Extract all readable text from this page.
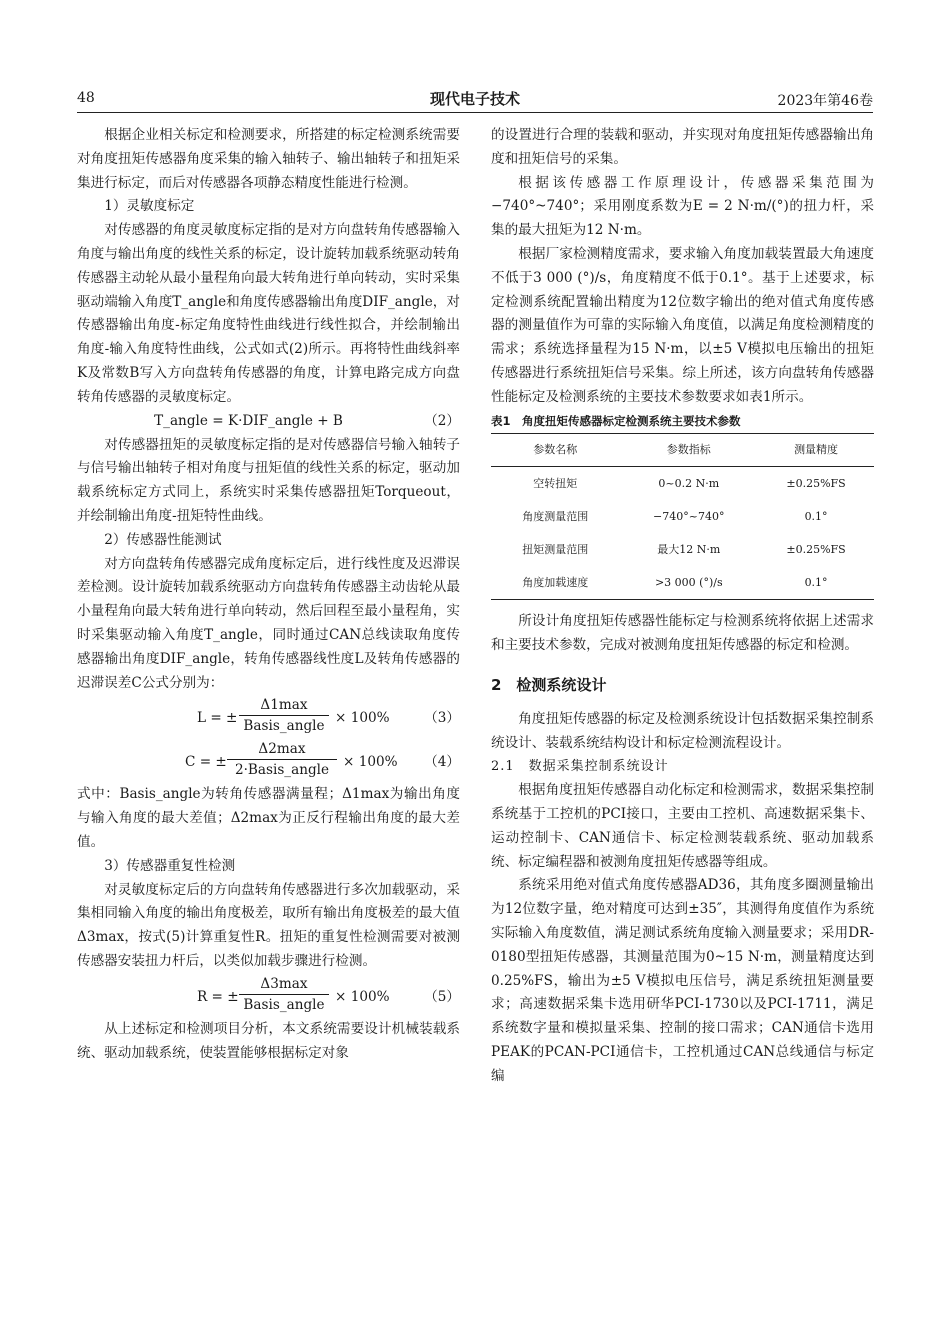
48	现代电子技术	2023年第46卷

根据企业相关标定和检测要求，所搭建的标定检测系统需要对角度扭矩传感器角度采集的输入轴转子、输出轴转子和扭矩采集进行标定，而后对传感器各项静态精度性能进行检测。

1）灵敏度标定

对传感器的角度灵敏度标定指的是对方向盘转角传感器输入角度与输出角度的线性关系的标定，设计旋转加载系统驱动转角传感器主动轮从最小量程角向最大转角进行单向转动，实时采集驱动端输入角度T_angle和角度传感器输出角度DIF_angle，对传感器输出角度-标定角度特性曲线进行线性拟合，并绘制输出角度-输入角度特性曲线，公式如式(2)所示。再将特性曲线斜率K及常数B写入方向盘转角传感器的角度，计算电路完成方向盘转角传感器的灵敏度标定。

T_angle = K·DIF_angle + B	（2）

对传感器扭矩的灵敏度标定指的是对传感器信号输入轴转子与信号输出轴转子相对角度与扭矩值的线性关系的标定，驱动加载系统标定方式同上，系统实时采集传感器扭矩Torqueout，并绘制输出角度-扭矩特性曲线。

2）传感器性能测试

对方向盘转角传感器完成角度标定后，进行线性度及迟滞误差检测。设计旋转加载系统驱动方向盘转角传感器主动齿轮从最小量程角向最大转角进行单向转动，然后回程至最小量程角，实时采集驱动输入角度T_angle，同时通过CAN总线读取角度传感器输出角度DIF_angle，转角传感器线性度L及转角传感器的迟滞误差C公式分别为：

L = ±
Δ1max
Basis_angle × 100%	（3）
C = ±
Δ2max
2·Basis_angle	× 100% （4）

式中：Basis_angle为转角传感器满量程；Δ1max为输出角度与输入角度的最大差值；Δ2max为正反行程输出角度的最大差值。

3）传感器重复性检测

对灵敏度标定后的方向盘转角传感器进行多次加载驱动，采集相同输入角度的输出角度极差，取所有输出角度极差的最大值Δ3max，按式(5)计算重复性R。扭矩的重复性检测需要对被测传感器安装扭力杆后，以类似加载步骤进行检测。

R = ±
Δ3max
Basis_angle × 100%	（5）

从上述标定和检测项目分析，本文系统需要设计机械装载系统、驱动加载系统，使装置能够根据标定对象

的设置进行合理的装载和驱动，并实现对角度扭矩传感器输出角度和扭矩信号的采集。

根据该传感器工作原理设计，传感器采集范围为−740°~740°；采用刚度系数为E = 2 N·m/(°)的扭力杆，采集的最大扭矩为12 N·m。

根据厂家检测精度需求，要求输入角度加载装置最大角速度不低于3 000 (°)/s，角度精度不低于0.1°。基于上述要求，标定检测系统配置输出精度为12位数字输出的绝对值式角度传感器的测量值作为可靠的实际输入角度值，以满足角度检测精度的需求；系统选择量程为15 N·m，以±5 V模拟电压输出的扭矩传感器进行系统扭矩信号采集。综上所述，该方向盘转角传感器性能标定及检测系统的主要技术参数要求如表1所示。

表1　角度扭矩传感器标定检测系统主要技术参数

参数名称	参数指标	测量精度
空转扭矩	0~0.2 N·m	±0.25%FS
角度测量范围	−740°~740°	0.1°
扭矩测量范围	最大12 N·m	±0.25%FS
角度加载速度	>3 000 (°)/s	0.1°

所设计角度扭矩传感器性能标定与检测系统将依据上述需求和主要技术参数，完成对被测角度扭矩传感器的标定和检测。

2　检测系统设计

角度扭矩传感器的标定及检测系统设计包括数据采集控制系统设计、装载系统结构设计和标定检测流程设计。

2.1　数据采集控制系统设计

根据角度扭矩传感器自动化标定和检测需求，数据采集控制系统基于工控机的PCI接口，主要由工控机、高速数据采集卡、运动控制卡、CAN通信卡、标定检测装载系统、驱动加载系统、标定编程器和被测角度扭矩传感器等组成。

系统采用绝对值式角度传感器AD36，其角度多圈测量输出为12位数字量，绝对精度可达到±35″，其测得角度值作为系统实际输入角度数值，满足测试系统角度输入测量要求；采用DR-0180型扭矩传感器，其测量范围为0~15 N·m，测量精度达到0.25%FS，输出为±5 V模拟电压信号，满足系统扭矩测量要求；高速数据采集卡选用研华PCI-1730以及PCI-1711，满足系统数字量和模拟量采集、控制的接口需求；CAN通信卡选用PEAK的PCAN-PCI通信卡，工控机通过CAN总线通信与标定编
